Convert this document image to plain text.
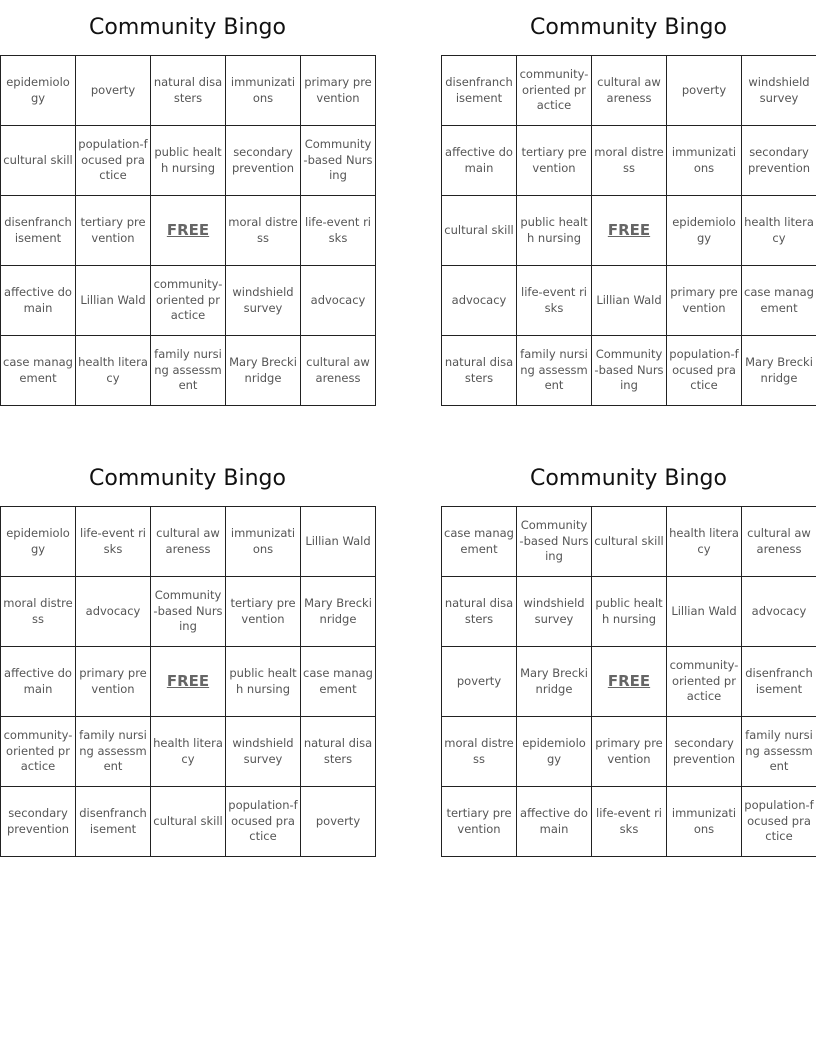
Community Bingo
epidemiology	poverty	natural disasters	immunizations	primary prevention
cultural skill	population-focused practice	public health nursing	secondary prevention	Community-based Nursing
disenfranchisement	tertiary prevention	FREE	moral distress	life-event risks
affective domain	Lillian Wald	community-oriented practice	windshield survey	advocacy
case management	health literacy	family nursing assessment	Mary Breckinridge	cultural awareness
Community Bingo
disenfranchisement	community-oriented practice	cultural awareness	poverty	windshield survey
affective domain	tertiary prevention	moral distress	immunizations	secondary prevention
cultural skill	public health nursing	FREE	epidemiology	health literacy
advocacy	life-event risks	Lillian Wald	primary prevention	case management
natural disasters	family nursing assessment	Community-based Nursing	population-focused practice	Mary Breckinridge
Community Bingo
epidemiology	life-event risks	cultural awareness	immunizations	Lillian Wald
moral distress	advocacy	Community-based Nursing	tertiary prevention	Mary Breckinridge
affective domain	primary prevention	FREE	public health nursing	case management
community-oriented practice	family nursing assessment	health literacy	windshield survey	natural disasters
secondary prevention	disenfranchisement	cultural skill	population-focused practice	poverty
Community Bingo
case management	Community-based Nursing	cultural skill	health literacy	cultural awareness
natural disasters	windshield survey	public health nursing	Lillian Wald	advocacy
poverty	Mary Breckinridge	FREE	community-oriented practice	disenfranchisement
moral distress	epidemiology	primary prevention	secondary prevention	family nursing assessment
tertiary prevention	affective domain	life-event risks	immunizations	population-focused practice
